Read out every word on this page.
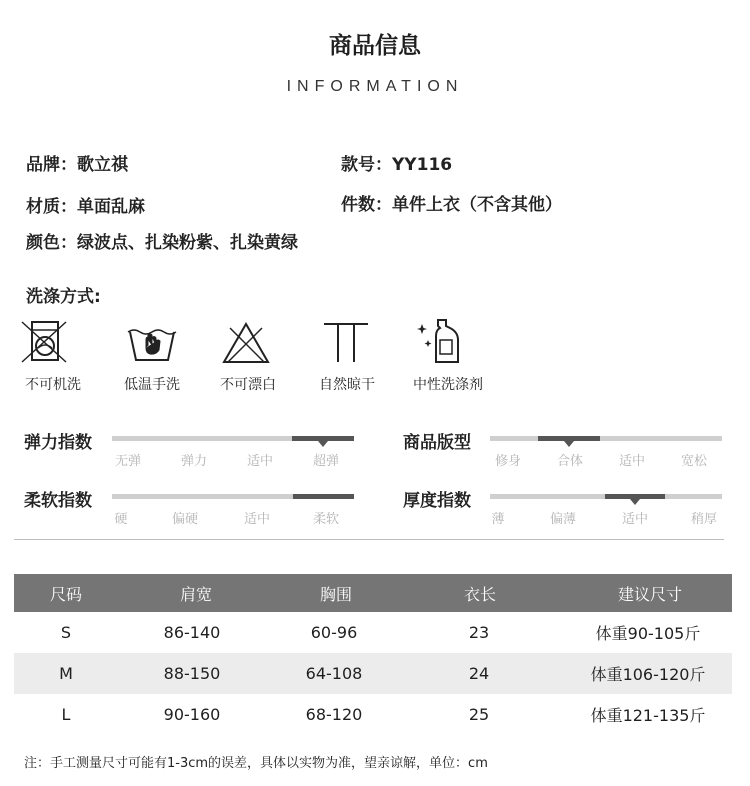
商品信息
INFORMATION
品牌：歌立祺	款号：YY116
材质：单面乱麻	件数：单件上衣（不含其他）
颜色：绿波点、扎染粉紫、扎染黄绿
洗涤方式:
不可机洗	低温手洗	不可漂白	自然晾干	中性洗涤剂
弹力指数
无弹	弹力	适中	超弹
商品版型
修身	合体	适中	宽松
柔软指数
硬	偏硬	适中	柔软
厚度指数
薄	偏薄	适中	稍厚
尺码	肩宽	胸围	衣长	建议尺寸
S	86-140	60-96	23	体重90-105斤
M	88-150	64-108	24	体重106-120斤
L	90-160	68-120	25	体重121-135斤
注：手工测量尺寸可能有1-3cm的误差，具体以实物为准，望亲谅解，单位：cm
